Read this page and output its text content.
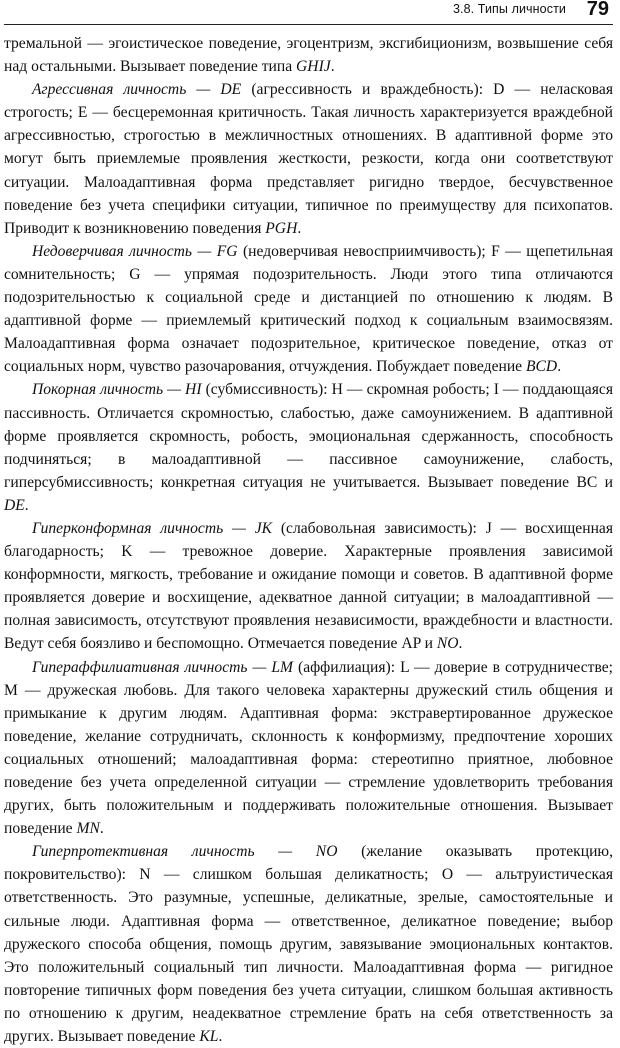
3.8. Типы личности 79

тремальной — эгоистическое поведение, эгоцентризм, эксгибиционизм, возвышение себя над остальными. Вызывает поведение типа GHIJ.

Агрессивная личность — DE (агрессивность и враждебность): D — неласковая строгость; E — бесцеремонная критичность. Такая личность характеризуется враждебной агрессивностью, строгостью в межличностных отношениях. В адаптивной форме это могут быть приемлемые проявления жесткости, резкости, когда они соответствуют ситуации. Малоадаптивная форма представляет ригидно твердое, бесчувственное поведение без учета специфики ситуации, типичное по преимуществу для психопатов. Приводит к возникновению поведения PGH.

Недоверчивая личность — FG (недоверчивая невосприимчивость); F — щепетильная сомнительность; G — упрямая подозрительность. Люди этого типа отличаются подозрительностью к социальной среде и дистанцией по отношению к людям. В адаптивной форме — приемлемый критический подход к социальным взаимосвязям. Малоадаптивная форма означает подозрительное, критическое поведение, отказ от социальных норм, чувство разочарования, отчуждения. Побуждает поведение BCD.

Покорная личность — HI (субмиссивность): H — скромная робость; I — поддающаяся пассивность. Отличается скромностью, слабостью, даже самоунижением. В адаптивной форме проявляется скромность, робость, эмоциональная сдержанность, способность подчиняться; в малоадаптивной — пассивное самоунижение, слабость, гиперсубмиссивность; конкретная ситуация не учитывается. Вызывает поведение BC и DE.

Гиперконформная личность — JK (слабовольная зависимость): J — восхищенная благодарность; K — тревожное доверие. Характерные проявления зависимой конформности, мягкость, требование и ожидание помощи и советов. В адаптивной форме проявляется доверие и восхищение, адекватное данной ситуации; в малоадаптивной — полная зависимость, отсутствуют проявления независимости, враждебности и властности. Ведут себя боязливо и беспомощно. Отмечается поведение AP и NO.

Гипераффилиативная личность — LM (аффилиация): L — доверие в сотрудничестве; M — дружеская любовь. Для такого человека характерны дружеский стиль общения и примыкание к другим людям. Адаптивная форма: экстравертированное дружеское поведение, желание сотрудничать, склонность к конформизму, предпочтение хороших социальных отношений; малоадаптивная форма: стереотипно приятное, любовное поведение без учета определенной ситуации — стремление удовлетворить требования других, быть положительным и поддерживать положительные отношения. Вызывает поведение MN.

Гиперпротективная личность — NO (желание оказывать протекцию, покровительство): N — слишком большая деликатность; O — альтруистическая ответственность. Это разумные, успешные, деликатные, зрелые, самостоятельные и сильные люди. Адаптивная форма — ответственное, деликатное поведение; выбор дружеского способа общения, помощь другим, завязывание эмоциональных контактов. Это положительный социальный тип личности. Малоадаптивная форма — ригидное повторение типичных форм поведения без учета ситуации, слишком большая активность по отношению к другим, неадекватное стремление брать на себя ответственность за других. Вызывает поведение KL.
